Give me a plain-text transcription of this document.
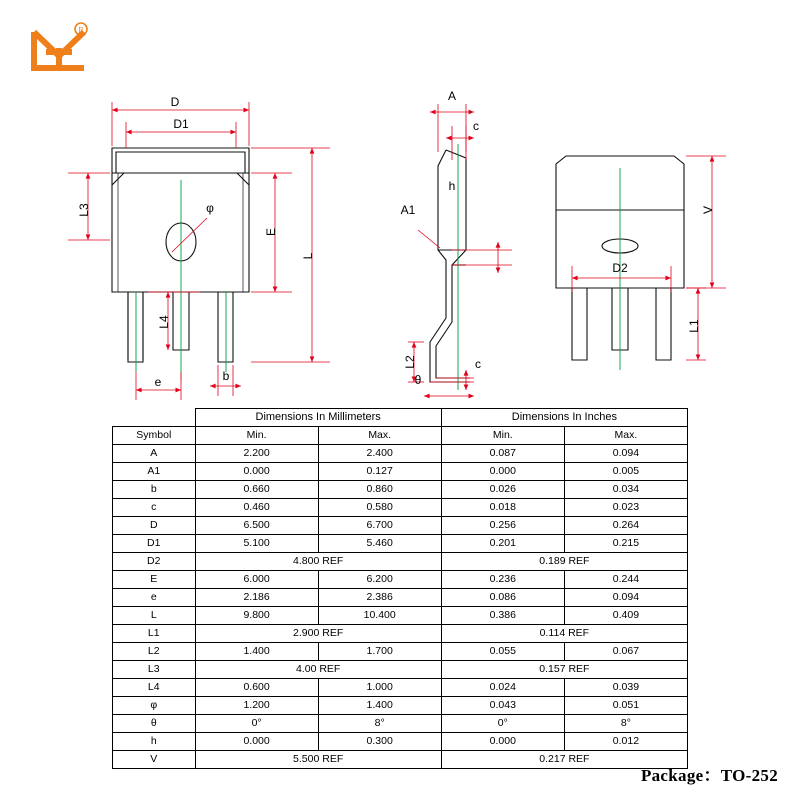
R
D
D1
L3
E
L
φ
L4
e	b
A
c
h
A1
L2	c
θ
V
D2
L1
	Dimensions In Millimeters		Dimensions In Inches	
Symbol	Min.	Max.	Min.	Max.
A	2.200	2.400	0.087	0.094
A1	0.000	0.127	0.000	0.005
b	0.660	0.860	0.026	0.034
c	0.460	0.580	0.018	0.023
D	6.500	6.700	0.256	0.264
D1	5.100	5.460	0.201	0.215
D2	4.800 REF		0.189 REF	
E	6.000	6.200	0.236	0.244
e	2.186	2.386	0.086	0.094
L	9.800	10.400	0.386	0.409
L1	2.900 REF		0.114 REF	
L2	1.400	1.700	0.055	0.067
L3	4.00 REF		0.157 REF	
L4	0.600	1.000	0.024	0.039
φ	1.200	1.400	0.043	0.051
θ	0°	8°	0°	8°
h	0.000	0.300	0.000	0.012
V	5.500 REF		0.217 REF	
Package：TO-252
